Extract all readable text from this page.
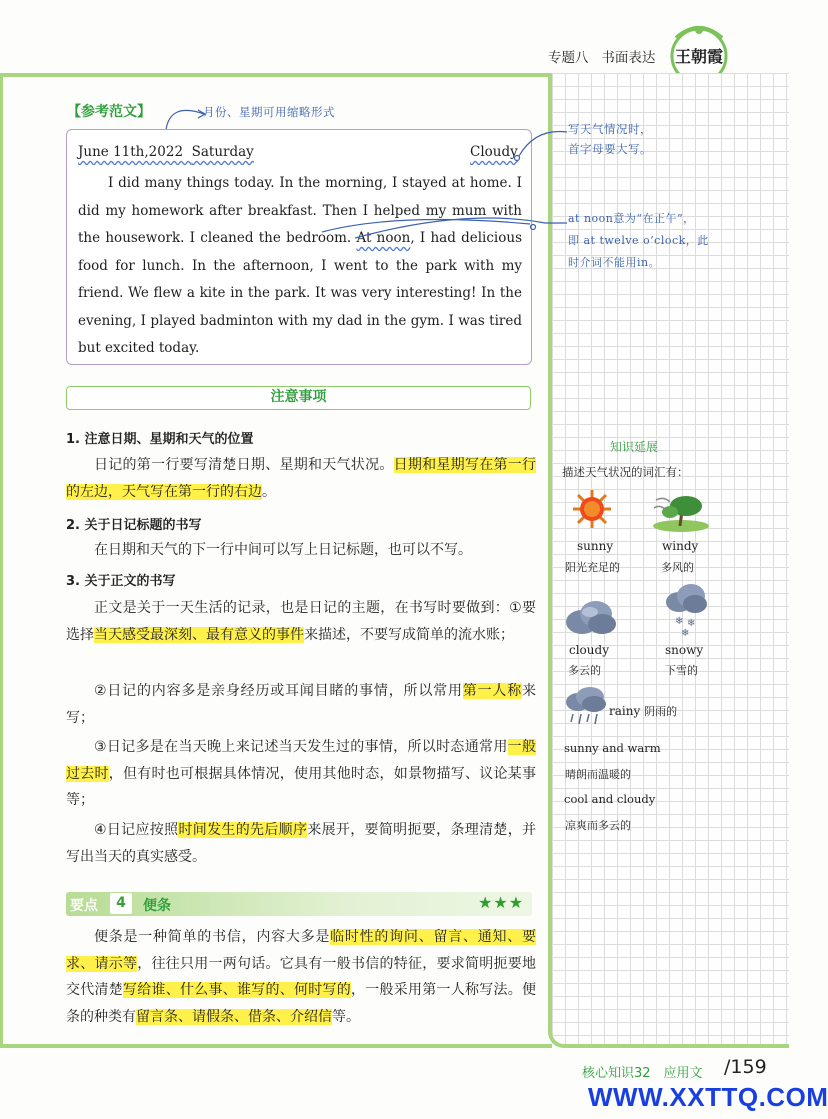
专题八 书面表达 王朝霞
【参考范文】	月份、星期可用缩略形式
June 11th,2022 Saturday	Cloudy
I did many things today. In the morning, I stayed at home. I did my homework after breakfast. Then I helped my mum with the housework. I cleaned the bedroom. At noon, I had delicious food for lunch. In the afternoon, I went to the park with my friend. We flew a kite in the park. It was very interesting! In the evening, I played badminton with my dad in the gym. I was tired but excited today.
写天气情况时，
首字母要大写。
at noon意为“在正午”，
即 at twelve o’clock，此
时介词不能用in。
注意事项
1. 注意日期、星期和天气的位置
日记的第一行要写清楚日期、星期和天气状况。日期和星期写在第一行的左边，天气写在第一行的右边。
2. 关于日记标题的书写
在日期和天气的下一行中间可以写上日记标题，也可以不写。
3. 关于正文的书写
正文是关于一天生活的记录，也是日记的主题，在书写时要做到：①要选择当天感受最深刻、最有意义的事件来描述，不要写成简单的流水账；
②日记的内容多是亲身经历或耳闻目睹的事情，所以常用第一人称来写；
③日记多是在当天晚上来记述当天发生过的事情，所以时态通常用一般过去时，但有时也可根据具体情况，使用其他时态，如景物描写、议论某事等；
④日记应按照时间发生的先后顺序来展开，要简明扼要，条理清楚，并写出当天的真实感受。
要点	4	便条	★★★
便条是一种简单的书信，内容大多是临时性的询问、留言、通知、要求、请示等，往往只用一两句话。它具有一般书信的特征，要求简明扼要地交代清楚写给谁、什么事、谁写的、何时写的，一般采用第一人称写法。便条的种类有留言条、请假条、借条、介绍信等。
知识延展
描述天气状况的词汇有：
sunny
阳光充足的
windy
多风的
cloudy
多云的
❄ ❄
❄
snowy
下雪的
rainy 阴雨的
sunny and warm
晴朗而温暖的
cool and cloudy
凉爽而多云的
核心知识32　应用文 /159
WWW.XXTTQ.COM
